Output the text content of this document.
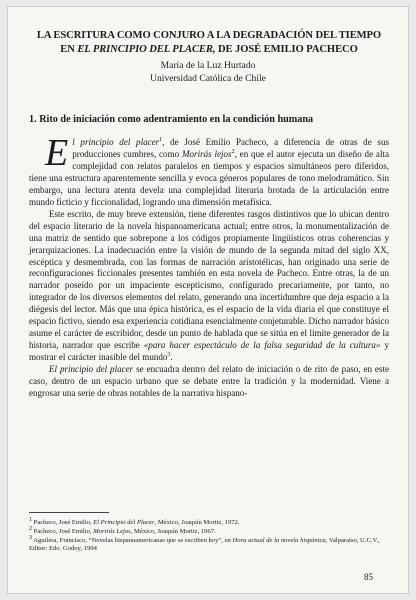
LA ESCRITURA COMO CONJURO A LA DEGRADACIÓN DEL TIEMPO
EN EL PRINCIPIO DEL PLACER, DE JOSÉ EMILIO PACHECO
María de la Luz Hurtado
Universidad Católica de Chile
1. Rito de iniciación como adentramiento en la condición humana

El principio del placer$^1$, de José Emilio Pacheco, a diferencia de otras de sus producciones cumbres, como Morirás lejos$^2$, en que el autor ejecuta un diseño de alta complejidad con relatos paralelos en tiempos y espacios simultáneos pero diferidos, tiene una estructura aparentemente sencilla y evoca géneros populares de tono melodramático. Sin embargo, una lectura atenta devela una complejidad literaria brotada de la articulación entre mundo ficticio y ficcionalidad, logrando una dimensión metafísica.

Este escrito, de muy breve extensión, tiene diferentes rasgos distintivos que lo ubican dentro del espacio literario de la novela hispanoamericana actual; entre otros, la monumentalización de una matriz de sentido que sobrepone a los códigos propiamente lingüísticos otras coherencias y jerarquizaciones. La inadecuación entre la visión de mundo de la segunda mitad del siglo XX, escéptica y desmembrada, con las formas de narración aristotélicas, han originado una serie de reconfiguraciones ficcionales presentes también en esta novela de Pacheco. Entre otras, la de un narrador poseído por un impaciente escepticismo, configurado precariamente, por tanto, no integrador de los diversos elementos del relato, generando una incertidumbre que deja espacio a la diégesis del lector. Más que una épica histórica, es el espacio de la vida diaria el que constituye el espacio fictivo, siendo esa experiencia cotidiana esencialmente conjeturable. Dicho narrador básico asume el carácter de escribidor, desde un punto de hablada que se sitúa en el límite generador de la historia, narrador que escribe «para hacer espectáculo de la falsa seguridad de la cultura» y mostrar el carácter inasible del mundo$^3$.

El principio del placer se encuadra dentro del relato de iniciación o de rito de paso, en este caso, dentro de un espacio urbano que se debate entre la tradición y la modernidad. Viene a engrosar una serie de obras notables de la narrativa hispano-

$^1$ Pacheco, José Emilio, El Principio del Placer, México, Joaquín Mortiz, 1972.

$^2$ Pacheco, José Emilio, Morirás Lejos, México, Joaquín Mortiz, 1967.

$^3$ Aguilera, Francisco, “Novelas hispanoamericanas que se escriben hoy”, en Hora actual de la novela hispánica, Valparaíso, U.C.V., Editor: Edo. Godoy, 1994

85
